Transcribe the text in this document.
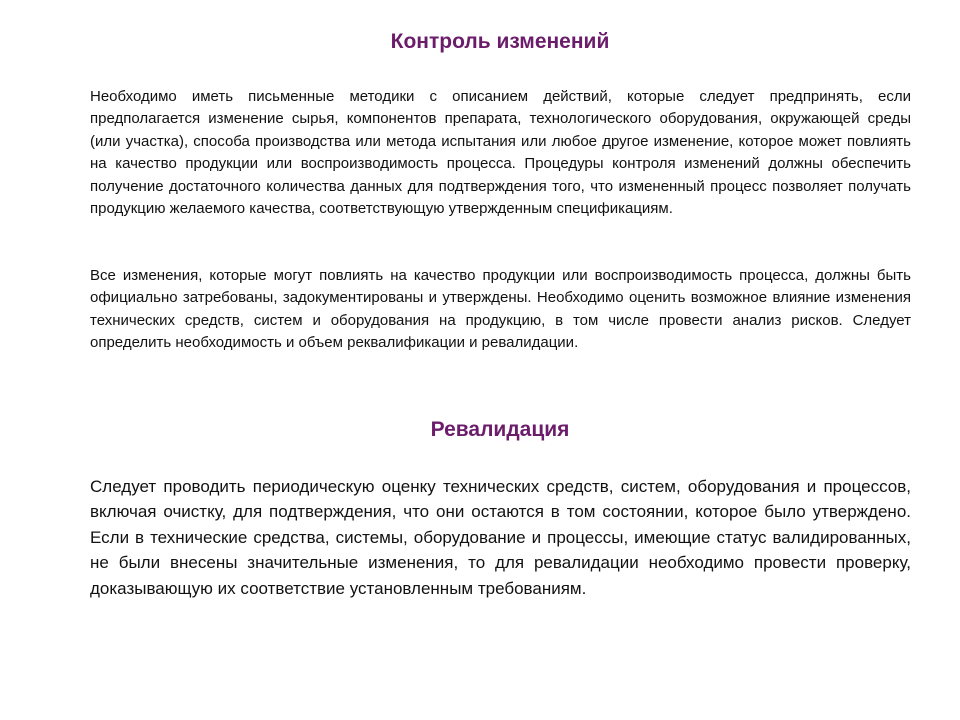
Контроль изменений

Необходимо иметь письменные методики с описанием действий, которые следует предпринять, если предполагается изменение сырья, компонентов препарата, технологического оборудования, окружающей среды (или участка), способа производства или метода испытания или любое другое изменение, которое может повлиять на качество продукции или воспроизводимость процесса. Процедуры контроля изменений должны обеспечить получение достаточного количества данных для подтверждения того, что измененный процесс позволяет получать продукцию желаемого качества, соответствующую утвержденным спецификациям.

Все изменения, которые могут повлиять на качество продукции или воспроизводимость процесса, должны быть официально затребованы, задокументированы и утверждены. Необходимо оценить возможное влияние изменения технических средств, систем и оборудования на продукцию, в том числе провести анализ рисков. Следует определить необходимость и объем реквалификации и ревалидации.

Ревалидация

Следует проводить периодическую оценку технических средств, систем, оборудования и процессов, включая очистку, для подтверждения, что они остаются в том состоянии, которое было утверждено. Если в технические средства, системы, оборудование и процессы, имеющие статус валидированных, не были внесены значительные изменения, то для ревалидации необходимо провести проверку, доказывающую их соответствие установленным требованиям.
